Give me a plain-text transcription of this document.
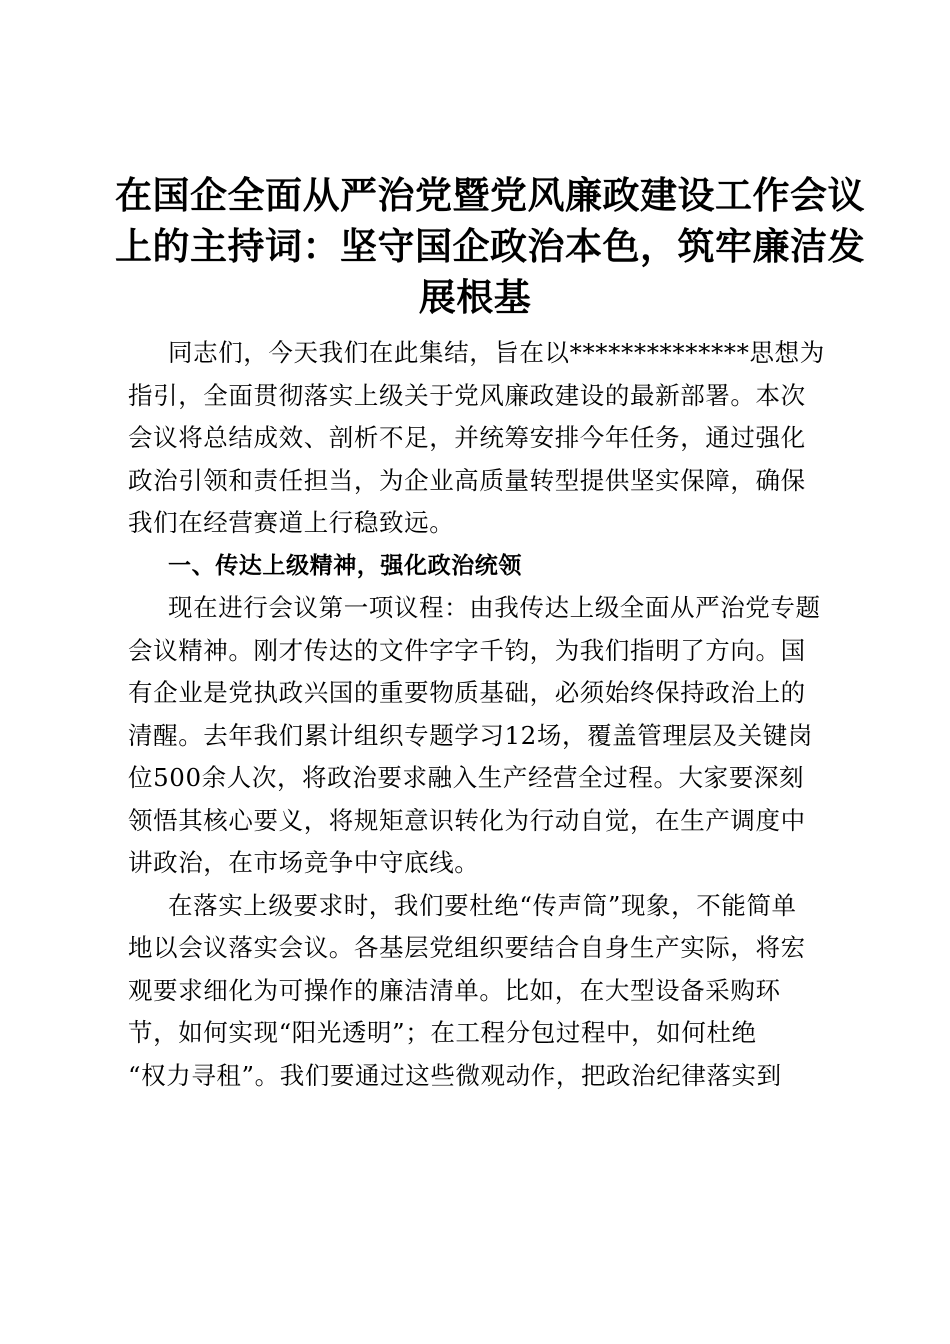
在国企全面从严治党暨党风廉政建设工作会议
上的主持词：坚守国企政治本色，筑牢廉洁发
展根基
同志们，今天我们在此集结，旨在以**************思想为
指引，全面贯彻落实上级关于党风廉政建设的最新部署。本次
会议将总结成效、剖析不足，并统筹安排今年任务，通过强化
政治引领和责任担当，为企业高质量转型提供坚实保障，确保
我们在经营赛道上行稳致远。
一、传达上级精神，强化政治统领
现在进行会议第一项议程：由我传达上级全面从严治党专题
会议精神。刚才传达的文件字字千钧，为我们指明了方向。国
有企业是党执政兴国的重要物质基础，必须始终保持政治上的
清醒。去年我们累计组织专题学习12场，覆盖管理层及关键岗
位500余人次，将政治要求融入生产经营全过程。大家要深刻
领悟其核心要义，将规矩意识转化为行动自觉，在生产调度中
讲政治，在市场竞争中守底线。
在落实上级要求时，我们要杜绝“传声筒”现象，不能简单
地以会议落实会议。各基层党组织要结合自身生产实际，将宏
观要求细化为可操作的廉洁清单。比如，在大型设备采购环
节，如何实现“阳光透明”；在工程分包过程中，如何杜绝
“权力寻租”。我们要通过这些微观动作，把政治纪律落实到
